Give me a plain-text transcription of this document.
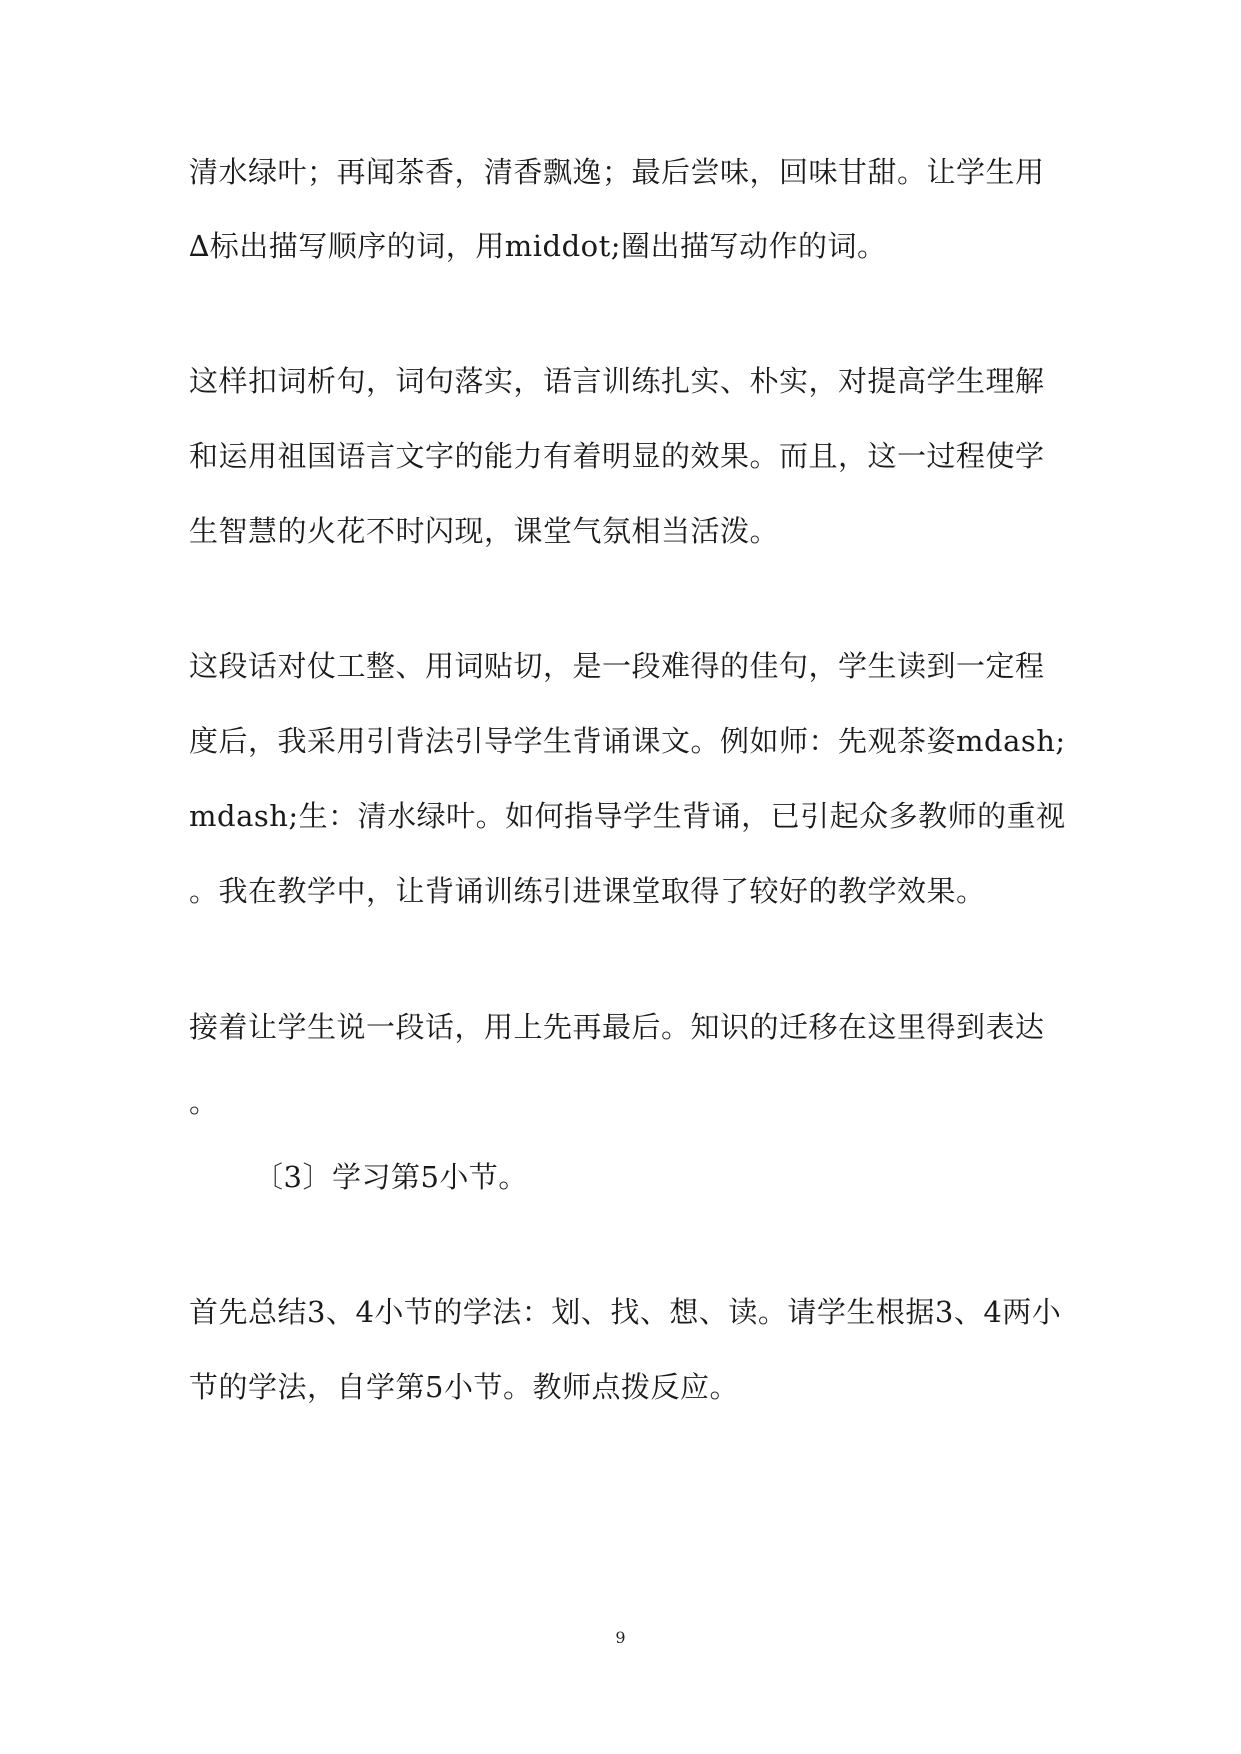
清水绿叶；再闻茶香，清香飘逸；最后尝味，回味甘甜。让学生用
∆标出描写顺序的词，用middot;圈出描写动作的词。
这样扣词析句，词句落实，语言训练扎实、朴实，对提高学生理解
和运用祖国语言文字的能力有着明显的效果。而且，这一过程使学
生智慧的火花不时闪现，课堂气氛相当活泼。
这段话对仗工整、用词贴切，是一段难得的佳句，学生读到一定程
度后，我采用引背法引导学生背诵课文。例如师：先观茶姿mdash;
mdash;生：清水绿叶。如何指导学生背诵，已引起众多教师的重视
。我在教学中，让背诵训练引进课堂取得了较好的教学效果。
接着让学生说一段话，用上先再最后。知识的迁移在这里得到表达
。
〔3〕学习第5小节。
首先总结3、4小节的学法：划、找、想、读。请学生根据3、4两小
节的学法，自学第5小节。教师点拨反应。
9
